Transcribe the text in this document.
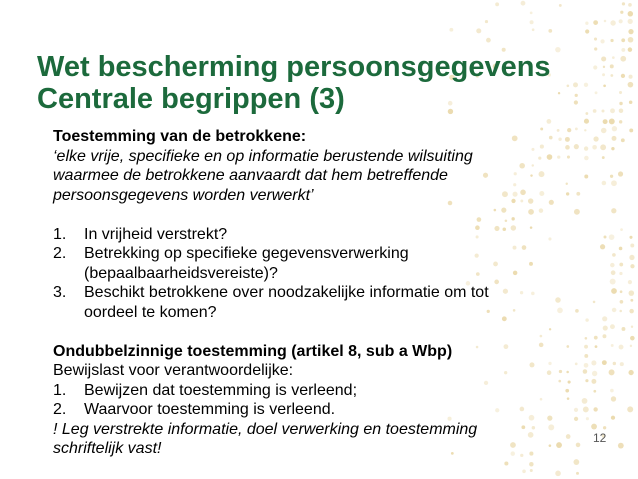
Wet bescherming persoonsgegevens
Centrale begrippen (3)
Toestemming van de betrokkene:
‘elke vrije, specifieke en op informatie berustende wilsuiting
waarmee de betrokkene aanvaardt dat hem betreffende
persoonsgegevens worden verwerkt’
1.	In vrijheid verstrekt?
2.	Betrekking op specifieke gegevensverwerking
(bepaalbaarheidsvereiste)?
3.	Beschikt betrokkene over noodzakelijke informatie om tot
oordeel te komen?
Ondubbelzinnige toestemming (artikel 8, sub a Wbp)
Bewijslast voor verantwoordelijke:
1.	Bewijzen dat toestemming is verleend;
2.	Waarvoor toestemming is verleend.
! Leg verstrekte informatie, doel verwerking en toestemming
schriftelijk vast!
12
